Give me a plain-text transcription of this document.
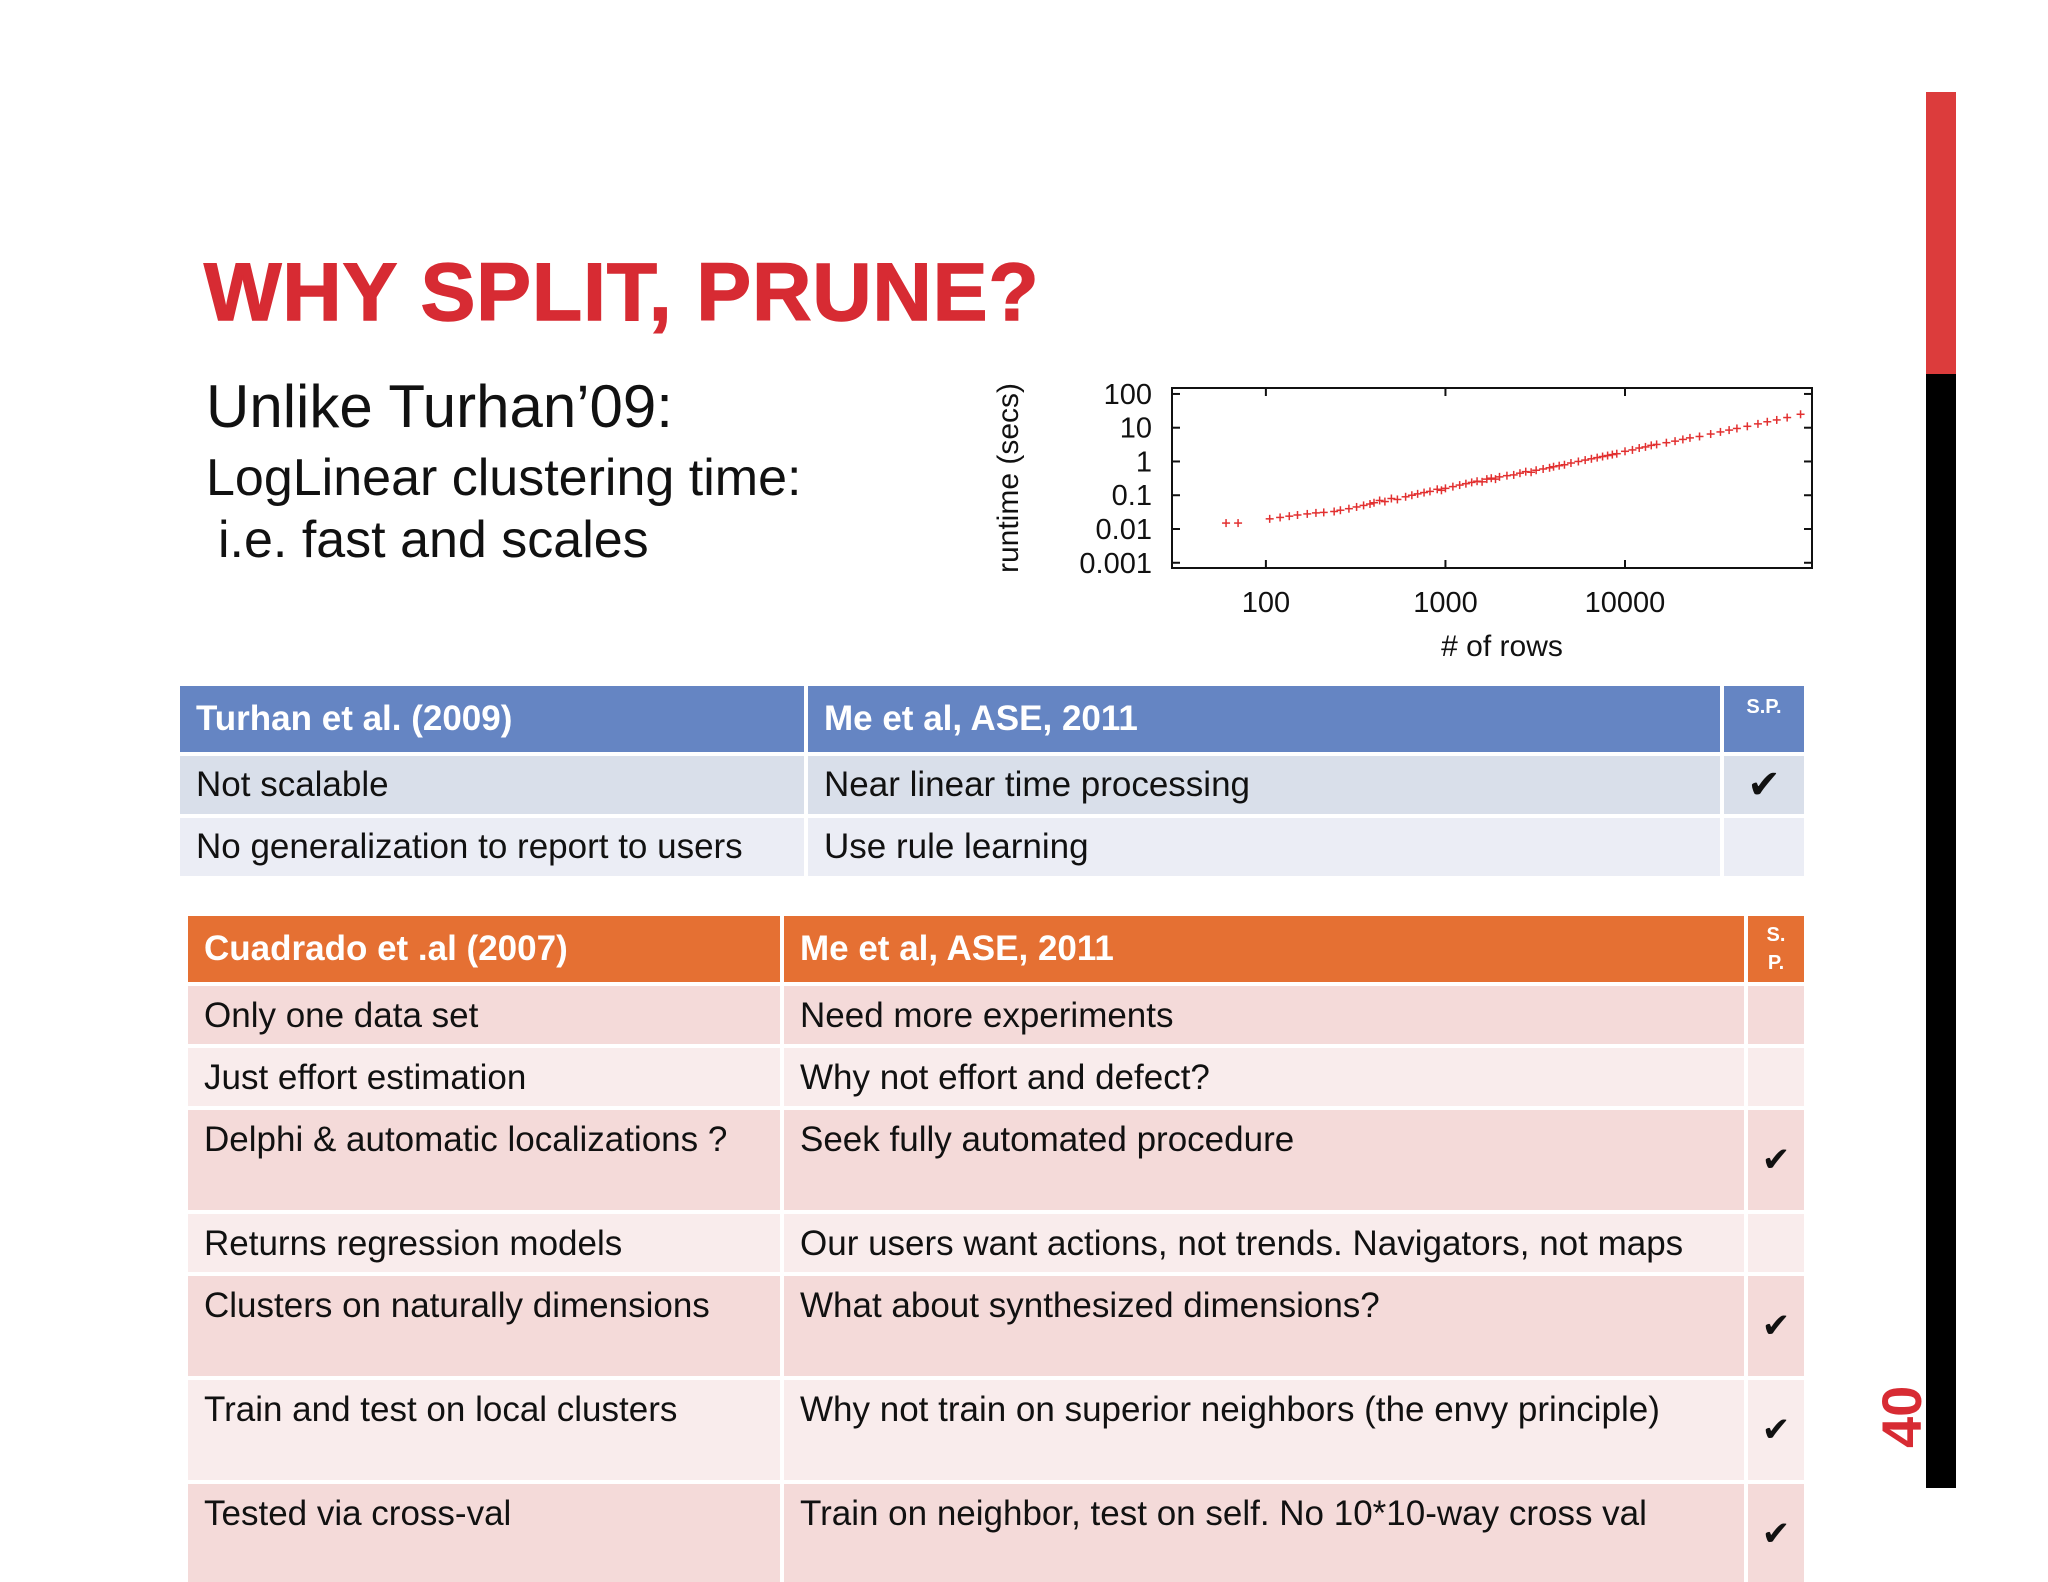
WHY SPLIT, PRUNE?
Unlike Turhan’09:
LogLinear clustering time:
i.e. fast and scales
100
10
1
0.1
0.01
0.001
100	1000	10000
runtime (secs)
# of rows
Turhan et al. (2009)	Me et al, ASE, 2011	S.P.
Not scalable	Near linear time processing	✔
No generalization to report to users	Use rule learning	
Cuadrado et .al (2007)	Me et al, ASE, 2011	S.
P.
Only one data set	Need more experiments	
Just effort estimation	Why not effort and defect?	
Delphi & automatic localizations ?	Seek fully automated procedure	✔
Returns regression models	Our users want actions, not trends. Navigators, not maps	
Clusters on naturally dimensions	What about synthesized dimensions?	✔
Train and test on local clusters	Why not train on superior neighbors (the envy principle)	✔
Tested via cross-val	Train on neighbor, test on self. No 10*10-way cross val	✔
40
